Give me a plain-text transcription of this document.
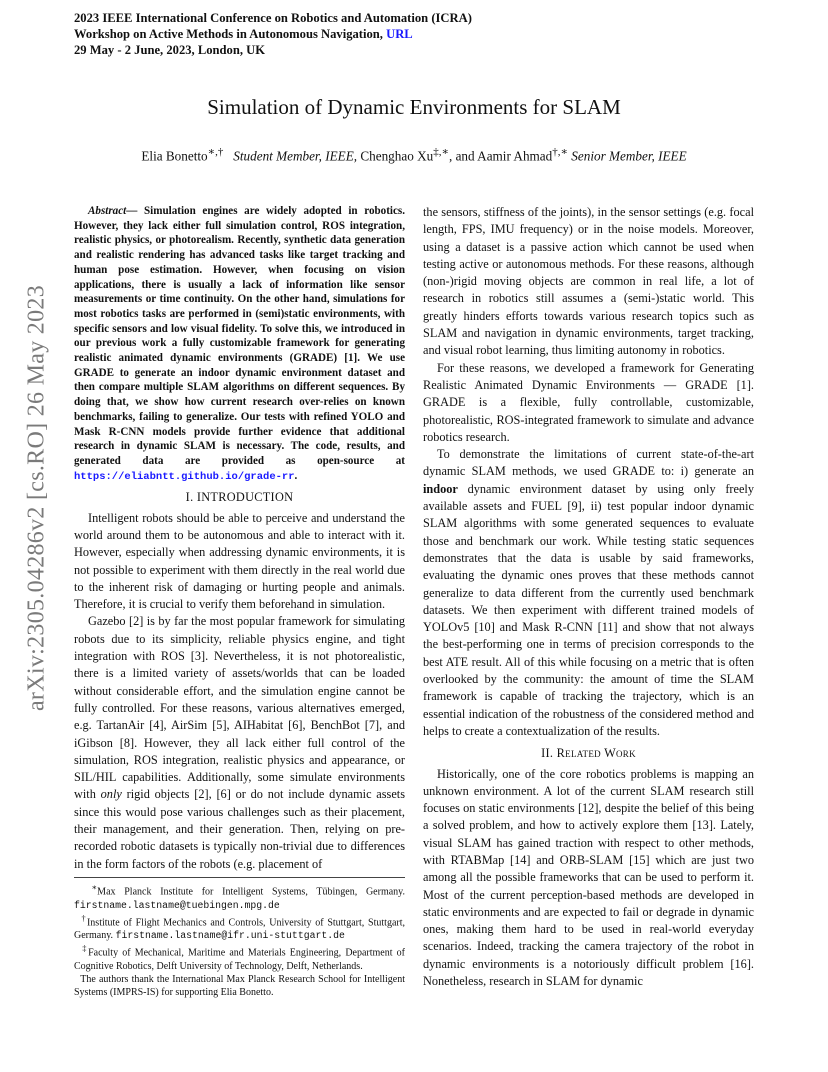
2023 IEEE International Conference on Robotics and Automation (ICRA)
Workshop on Active Methods in Autonomous Navigation, URL
29 May - 2 June, 2023, London, UK
Simulation of Dynamic Environments for SLAM
Elia Bonetto∗,† Student Member, IEEE, Chenghao Xu‡,∗, and Aamir Ahmad†,∗ Senior Member, IEEE
arXiv:2305.04286v2 [cs.RO] 26 May 2023

Abstract— Simulation engines are widely adopted in robotics. However, they lack either full simulation control, ROS integration, realistic physics, or photorealism. Recently, synthetic data generation and realistic rendering has advanced tasks like target tracking and human pose estimation. However, when focusing on vision applications, there is usually a lack of information like sensor measurements or time continuity. On the other hand, simulations for most robotics tasks are performed in (semi)static environments, with specific sensors and low visual fidelity. To solve this, we introduced in our previous work a fully customizable framework for generating realistic animated dynamic environments (GRADE) [1]. We use GRADE to generate an indoor dynamic environment dataset and then compare multiple SLAM algorithms on different sequences. By doing that, we show how current research over-relies on known benchmarks, failing to generalize. Our tests with refined YOLO and Mask R-CNN models provide further evidence that additional research in dynamic SLAM is necessary. The code, results, and generated data are provided as open-source at https://eliabntt.github.io/grade-rr.

I. INTRODUCTION

Intelligent robots should be able to perceive and understand the world around them to be autonomous and able to interact with it. However, especially when addressing dynamic environments, it is not possible to experiment with them directly in the real world due to the inherent risk of damaging or hurting people and animals. Therefore, it is crucial to verify them beforehand in simulation.

Gazebo [2] is by far the most popular framework for simulating robots due to its simplicity, reliable physics engine, and tight integration with ROS [3]. Nevertheless, it is not photorealistic, there is a limited variety of assets/worlds that can be loaded without considerable effort, and the simulation engine cannot be fully controlled. For these reasons, various alternatives emerged, e.g. TartanAir [4], AirSim [5], AIHabitat [6], BenchBot [7], and iGibson [8]. However, they all lack either full control of the simulation, ROS integration, realistic physics and appearance, or SIL/HIL capabilities. Additionally, some simulate environments with only rigid objects [2], [6] or do not include dynamic assets since this would pose various challenges such as their placement, their management, and their generation. Then, relying on pre-recorded robotic datasets is typically non-trivial due to differences in the form factors of the robots (e.g. placement of

∗Max Planck Institute for Intelligent Systems, Tübingen, Germany. firstname.lastname@tuebingen.mpg.de

†Institute of Flight Mechanics and Controls, University of Stuttgart, Stuttgart, Germany. firstname.lastname@ifr.uni-stuttgart.de

‡Faculty of Mechanical, Maritime and Materials Engineering, Department of Cognitive Robotics, Delft University of Technology, Delft, Netherlands.

The authors thank the International Max Planck Research School for Intelligent Systems (IMPRS-IS) for supporting Elia Bonetto.

the sensors, stiffness of the joints), in the sensor settings (e.g. focal length, FPS, IMU frequency) or in the noise models. Moreover, using a dataset is a passive action which cannot be used when testing active or autonomous methods. For these reasons, although (non-)rigid moving objects are common in real life, a lot of research in robotics still assumes a (semi-)static world. This greatly hinders efforts towards various research topics such as SLAM and navigation in dynamic environments, target tracking, and visual robot learning, thus limiting autonomy in robotics.

For these reasons, we developed a framework for Generating Realistic Animated Dynamic Environments — GRADE [1]. GRADE is a flexible, fully controllable, customizable, photorealistic, ROS-integrated framework to simulate and advance robotics research.

To demonstrate the limitations of current state-of-the-art dynamic SLAM methods, we used GRADE to: i) generate an indoor dynamic environment dataset by using only freely available assets and FUEL [9], ii) test popular indoor dynamic SLAM algorithms with some generated sequences to evaluate those and benchmark our work. While testing static sequences demonstrates that the data is usable by said frameworks, evaluating the dynamic ones proves that these methods cannot generalize to data different from the currently used benchmark datasets. We then experiment with different trained models of YOLOv5 [10] and Mask R-CNN [11] and show that not always the best-performing one in terms of precision corresponds to the best ATE result. All of this while focusing on a metric that is often overlooked by the community: the amount of time the SLAM framework is capable of tracking the trajectory, which is an essential indication of the robustness of the considered method and helps to create a contextualization of the results.

II. Related Work

Historically, one of the core robotics problems is mapping an unknown environment. A lot of the current SLAM research still focuses on static environments [12], despite the belief of this being a solved problem, and how to actively explore them [13]. Lately, visual SLAM has gained traction with respect to other methods, with RTABMap [14] and ORB-SLAM [15] which are just two among all the possible frameworks that can be used to perform it. Most of the current perception-based methods are developed in static environments and are expected to fail or degrade in dynamic ones, making them hard to be used in real-world everyday scenarios. Indeed, tracking the camera trajectory of the robot in dynamic environments is a notoriously difficult problem [16]. Nonetheless, research in SLAM for dynamic
